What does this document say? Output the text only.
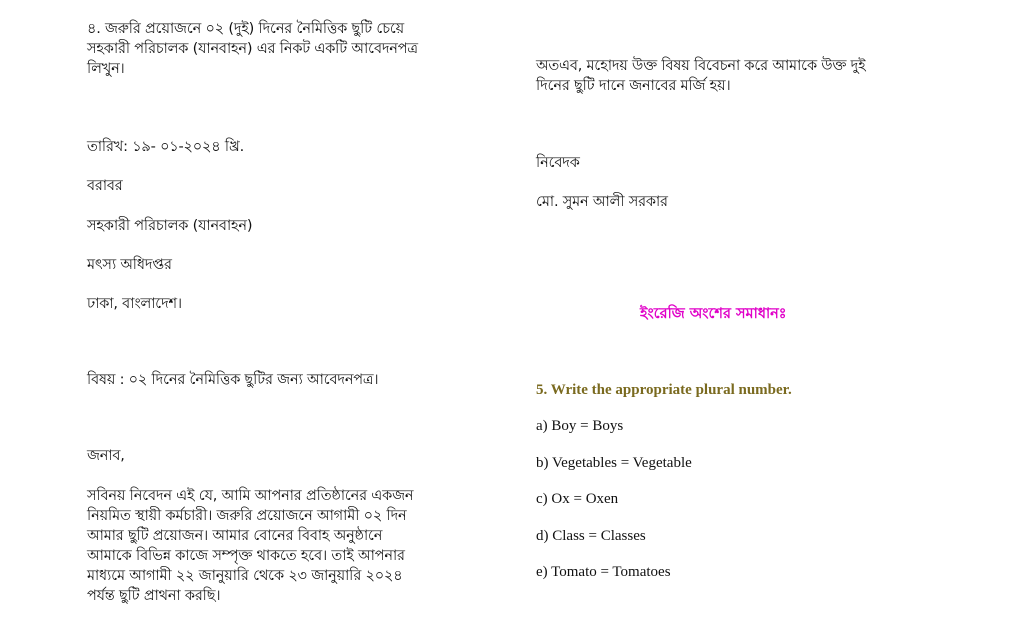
৪. জরুরি প্রয়োজনে ০২ (দুই) দিনের নৈমিত্তিক ছুটি চেয়ে
সহকারী পরিচালক (যানবাহন) এর নিকট একটি আবেদনপত্র
লিখুন।

তারিখ: ১৯- ০১-২০২৪ খ্রি.

বরাবর

সহকারী পরিচালক (যানবাহন)

মৎস্য অধিদপ্তর

ঢাকা, বাংলাদেশ।

বিষয় : ০২ দিনের নৈমিত্তিক ছুটির জন্য আবেদনপত্র।

জনাব,

সবিনয় নিবেদন এই যে, আমি আপনার প্রতিষ্ঠানের একজন
নিয়মিত স্থায়ী কর্মচারী। জরুরি প্রয়োজনে আগামী ০২ দিন
আমার ছুটি প্রয়োজন। আমার বোনের বিবাহ অনুষ্ঠানে
আমাকে বিভিন্ন কাজে সম্পৃক্ত থাকতে হবে। তাই আপনার
মাধ্যমে আগামী ২২ জানুয়ারি থেকে ২৩ জানুয়ারি ২০২৪
পর্যন্ত ছুটি প্রাথনা করছি।
অতএব, মহোদয় উক্ত বিষয় বিবেচনা করে আমাকে উক্ত দুই
দিনের ছুটি দানে জনাবের মর্জি হয়।

নিবেদক

মো. সুমন আলী সরকার

ইংরেজি অংশের সমাধানঃ

5. Write the appropriate plural number.

a) Boy = Boys

b) Vegetables = Vegetable

c) Ox = Oxen

d) Class = Classes

e) Tomato = Tomatoes
